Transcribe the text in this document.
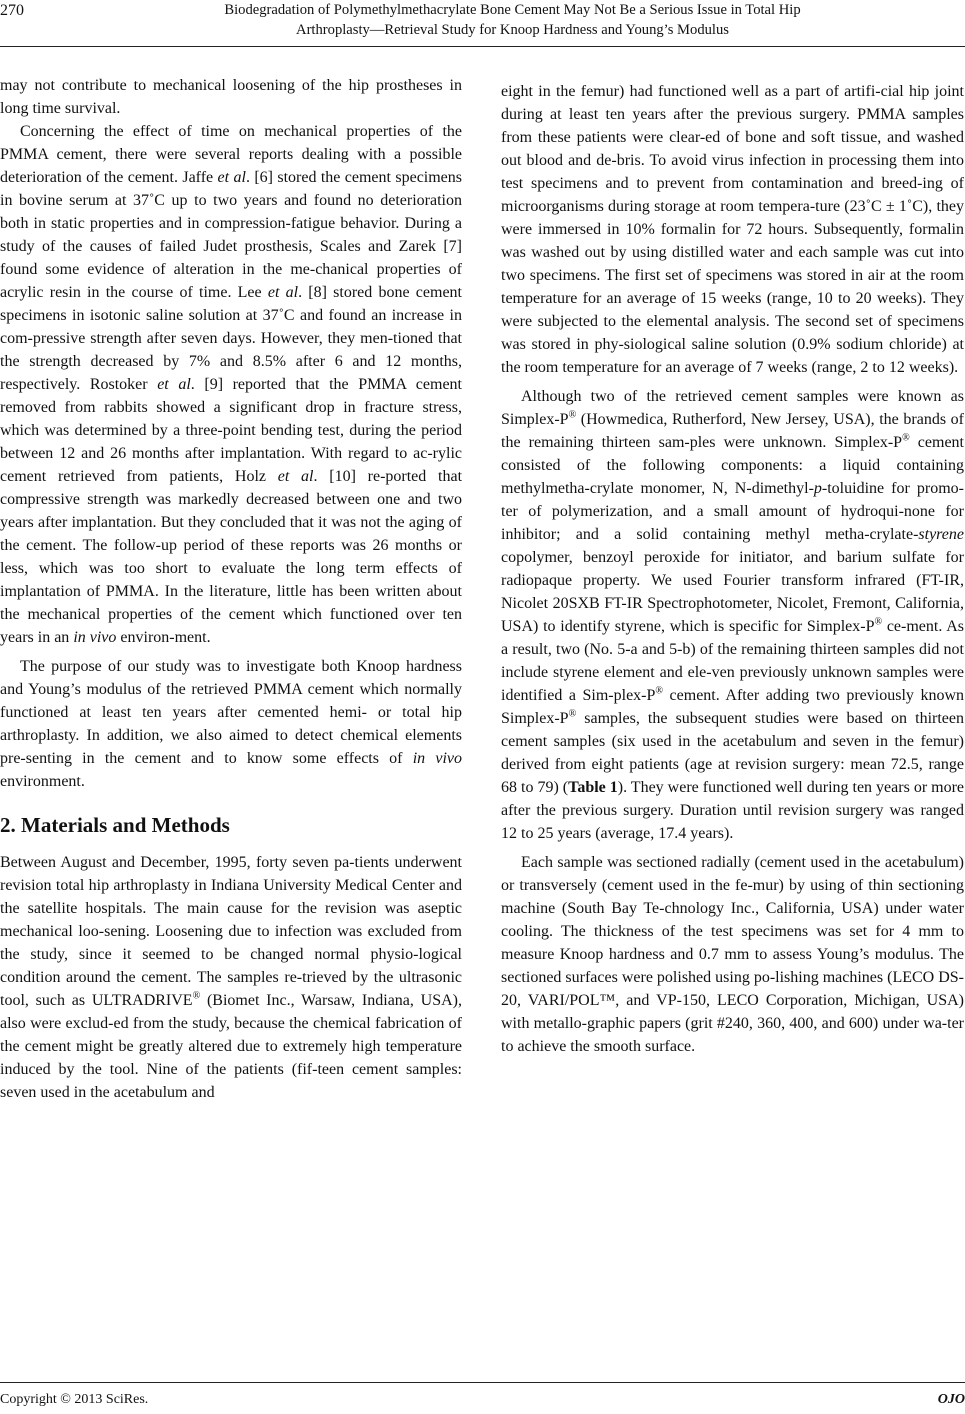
270	Biodegradation of Polymethylmethacrylate Bone Cement May Not Be a Serious Issue in Total Hip
Arthroplasty—Retrieval Study for Knoop Hardness and Young’s Modulus

may not contribute to mechanical loosening of the hip prostheses in long time survival.

Concerning the effect of time on mechanical properties of the PMMA cement, there were several reports dealing with a possible deterioration of the cement. Jaffe et al. [6] stored the cement specimens in bovine serum at 37˚C up to two years and found no deterioration both in static properties and in compression-fatigue behavior. During a study of the causes of failed Judet prosthesis, Scales and Zarek [7] found some evidence of alteration in the me-chanical properties of acrylic resin in the course of time. Lee et al. [8] stored bone cement specimens in isotonic saline solution at 37˚C and found an increase in com-pressive strength after seven days. However, they men-tioned that the strength decreased by 7% and 8.5% after 6 and 12 months, respectively. Rostoker et al. [9] reported that the PMMA cement removed from rabbits showed a significant drop in fracture stress, which was determined by a three-point bending test, during the period between 12 and 26 months after implantation. With regard to ac-rylic cement retrieved from patients, Holz et al. [10] re-ported that compressive strength was markedly decreased between one and two years after implantation. But they concluded that it was not the aging of the cement. The follow-up period of these reports was 26 months or less, which was too short to evaluate the long term effects of implantation of PMMA. In the literature, little has been written about the mechanical properties of the cement which functioned over ten years in an in vivo environ-ment.

The purpose of our study was to investigate both Knoop hardness and Young’s modulus of the retrieved PMMA cement which normally functioned at least ten years after cemented hemi- or total hip arthroplasty. In addition, we also aimed to detect chemical elements pre-senting in the cement and to know some effects of in vivo environment.

2. Materials and Methods

Between August and December, 1995, forty seven pa-tients underwent revision total hip arthroplasty in Indiana University Medical Center and the satellite hospitals. The main cause for the revision was aseptic mechanical loo-sening. Loosening due to infection was excluded from the study, since it seemed to be changed normal physio-logical condition around the cement. The samples re-trieved by the ultrasonic tool, such as ULTRADRIVE® (Biomet Inc., Warsaw, Indiana, USA), also were exclud-ed from the study, because the chemical fabrication of the cement might be greatly altered due to extremely high temperature induced by the tool. Nine of the patients (fif-teen cement samples: seven used in the acetabulum and

eight in the femur) had functioned well as a part of artifi-cial hip joint during at least ten years after the previous surgery. PMMA samples from these patients were clear-ed of bone and soft tissue, and washed out blood and de-bris. To avoid virus infection in processing them into test specimens and to prevent from contamination and breed-ing of microorganisms during storage at room tempera-ture (23˚C ± 1˚C), they were immersed in 10% formalin for 72 hours. Subsequently, formalin was washed out by using distilled water and each sample was cut into two specimens. The first set of specimens was stored in air at the room temperature for an average of 15 weeks (range, 10 to 20 weeks). They were subjected to the elemental analysis. The second set of specimens was stored in phy-siological saline solution (0.9% sodium chloride) at the room temperature for an average of 7 weeks (range, 2 to 12 weeks).

Although two of the retrieved cement samples were known as Simplex-P® (Howmedica, Rutherford, New Jersey, USA), the brands of the remaining thirteen sam-ples were unknown. Simplex-P® cement consisted of the following components: a liquid containing methylmetha-crylate monomer, N, N-dimethyl-p-toluidine for promo-ter of polymerization, and a small amount of hydroqui-none for inhibitor; and a solid containing methyl metha-crylate-styrene copolymer, benzoyl peroxide for initiator, and barium sulfate for radiopaque property. We used Fourier transform infrared (FT-IR, Nicolet 20SXB FT-IR Spectrophotometer, Nicolet, Fremont, California, USA) to identify styrene, which is specific for Simplex-P® ce-ment. As a result, two (No. 5-a and 5-b) of the remaining thirteen samples did not include styrene element and ele-ven previously unknown samples were identified a Sim-plex-P® cement. After adding two previously known Simplex-P® samples, the subsequent studies were based on thirteen cement samples (six used in the acetabulum and seven in the femur) derived from eight patients (age at revision surgery: mean 72.5, range 68 to 79) (Table 1). They were functioned well during ten years or more after the previous surgery. Duration until revision surgery was ranged 12 to 25 years (average, 17.4 years).

Each sample was sectioned radially (cement used in the acetabulum) or transversely (cement used in the fe-mur) by using of thin sectioning machine (South Bay Te-chnology Inc., California, USA) under water cooling. The thickness of the test specimens was set for 4 mm to measure Knoop hardness and 0.7 mm to assess Young’s modulus. The sectioned surfaces were polished using po-lishing machines (LECO DS-20, VARI/POL™, and VP-150, LECO Corporation, Michigan, USA) with metallo-graphic papers (grit #240, 360, 400, and 600) under wa-ter to achieve the smooth surface.

Copyright © 2013 SciRes.	OJO
